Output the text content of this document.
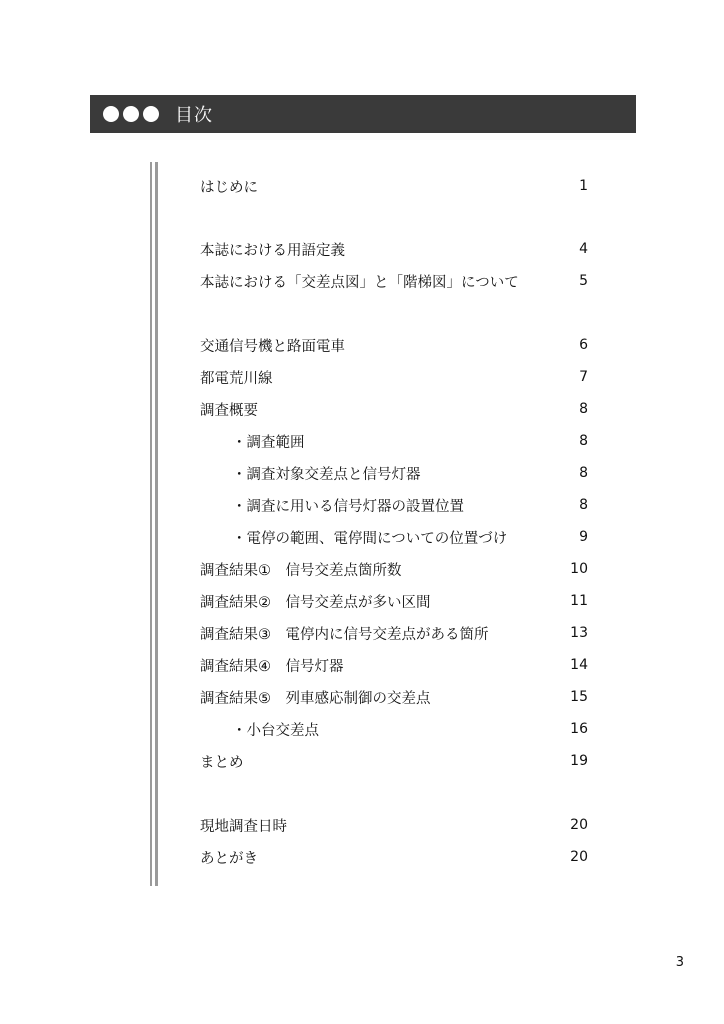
目次
はじめに	1
本誌における用語定義	4
本誌における「交差点図」と「階梯図」について	5
交通信号機と路面電車	6
都電荒川線	7
調査概要	8
・調査範囲	8
・調査対象交差点と信号灯器	8
・調査に用いる信号灯器の設置位置	8
・電停の範囲、電停間についての位置づけ	9
調査結果①　信号交差点箇所数	10
調査結果②　信号交差点が多い区間	11
調査結果③　電停内に信号交差点がある箇所	13
調査結果④　信号灯器	14
調査結果⑤　列車感応制御の交差点	15
・小台交差点	16
まとめ	19
現地調査日時	20
あとがき	20
3
